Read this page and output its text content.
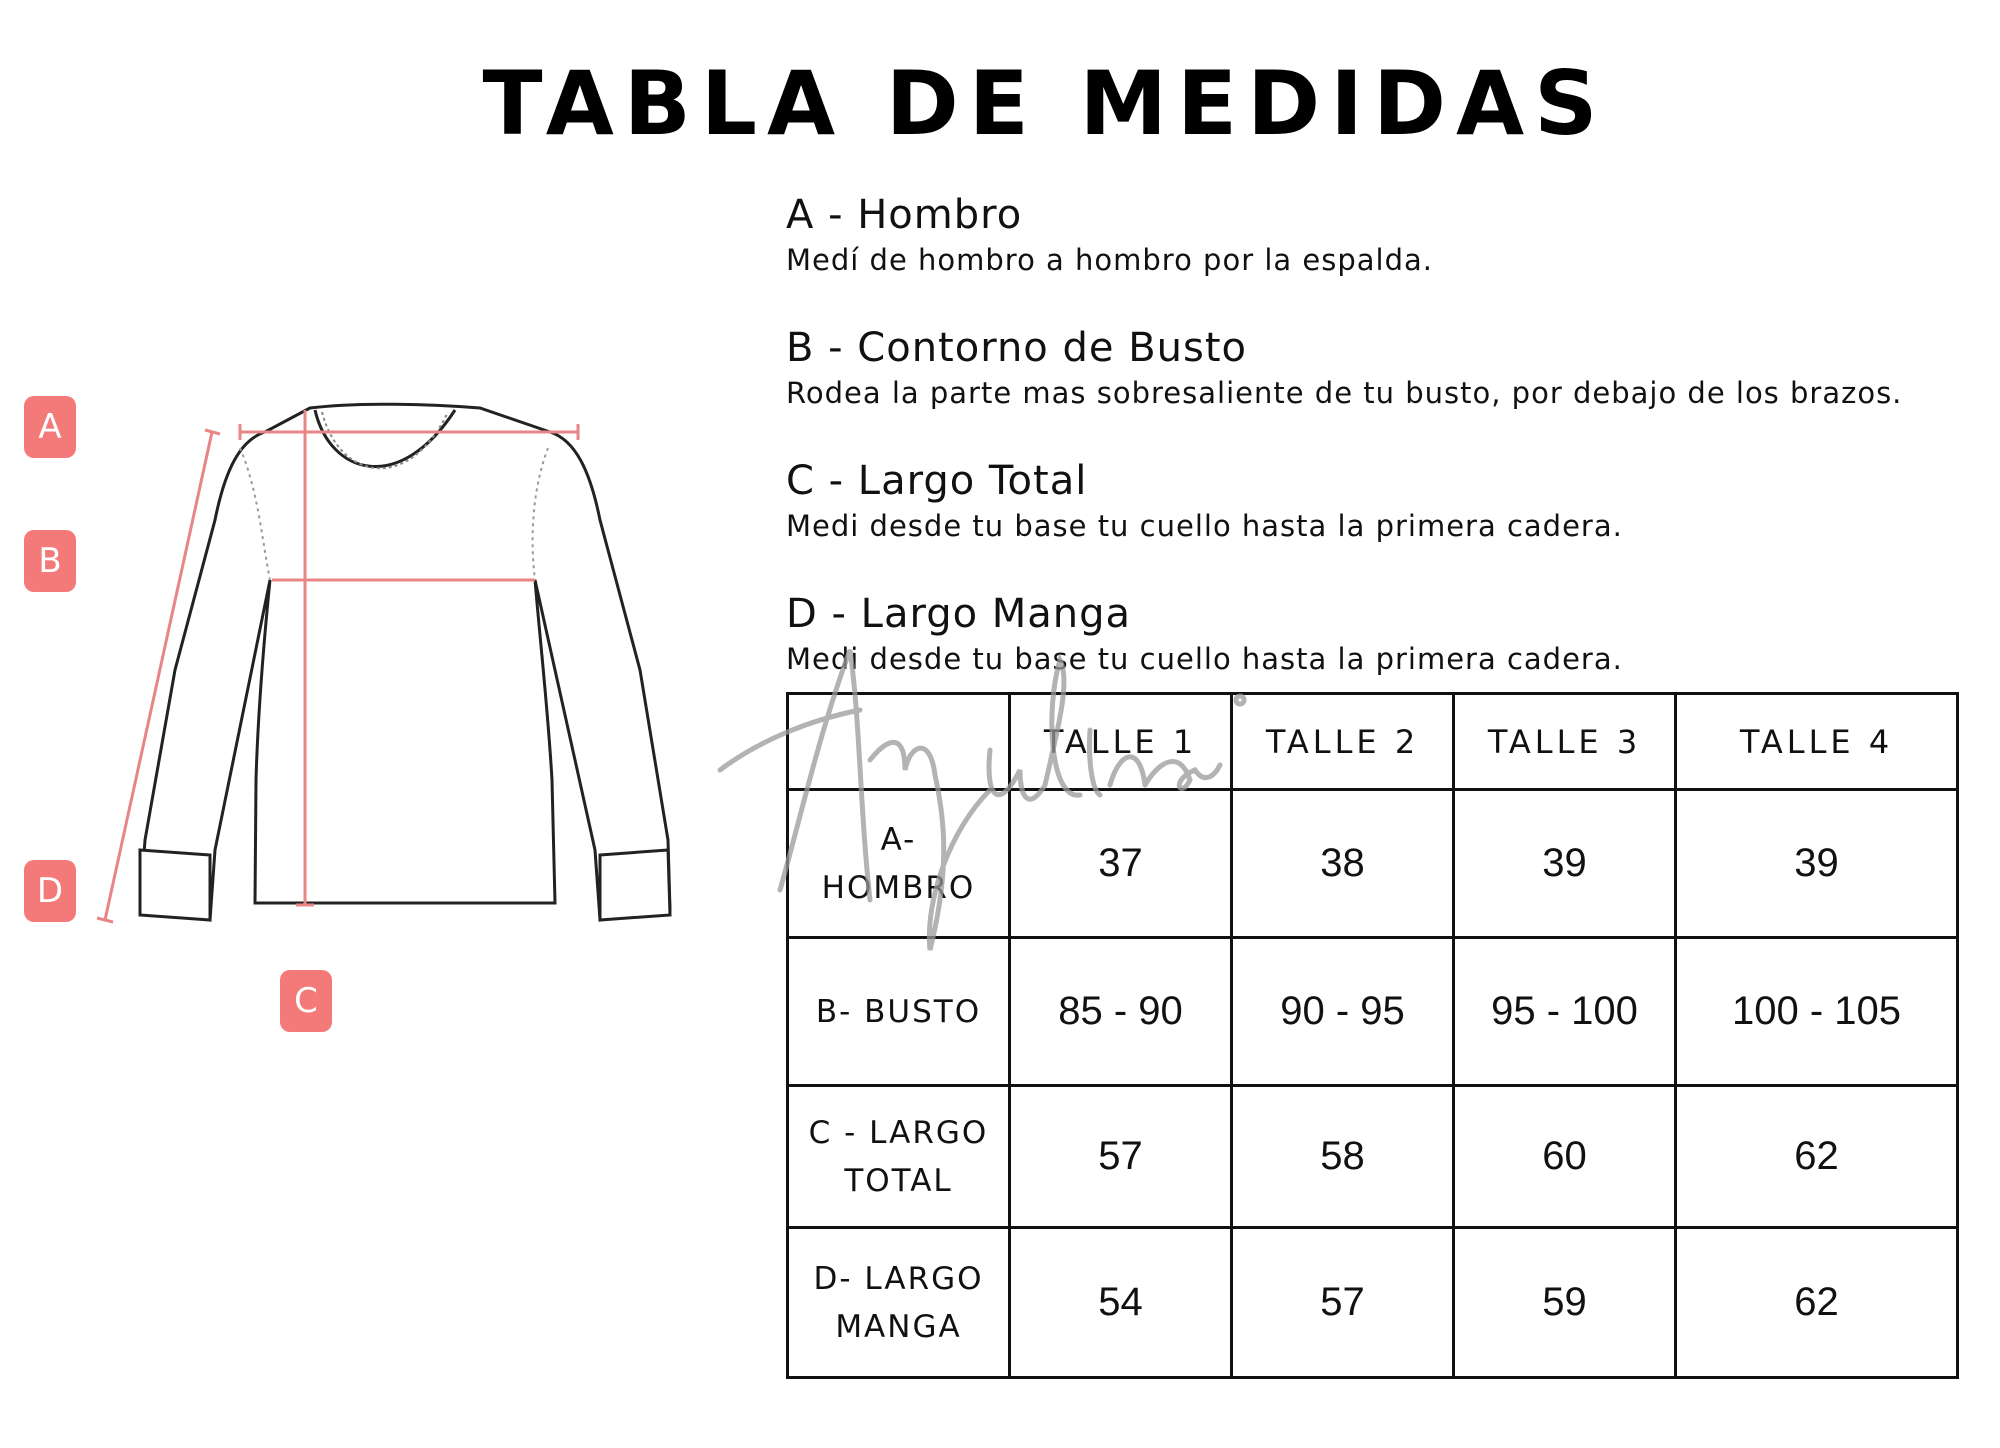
TABLA DE MEDIDAS
A
B
D
C
A - Hombro
Medí de hombro a hombro por la espalda.
B - Contorno de Busto
Rodea la parte mas sobresaliente de tu busto, por debajo de los brazos.
C - Largo Total
Medi desde tu base tu cuello hasta la primera cadera.
D - Largo Manga
Medi desde tu base tu cuello hasta la primera cadera.
	TALLE 1	TALLE 2	TALLE 3	TALLE 4

A-
HOMBRO	37	38	39	39

B- BUSTO	85 - 90	90 - 95	95 - 100	100 - 105

C - LARGO
TOTAL	57	58	60	62

D- LARGO
MANGA	54	57	59	62
